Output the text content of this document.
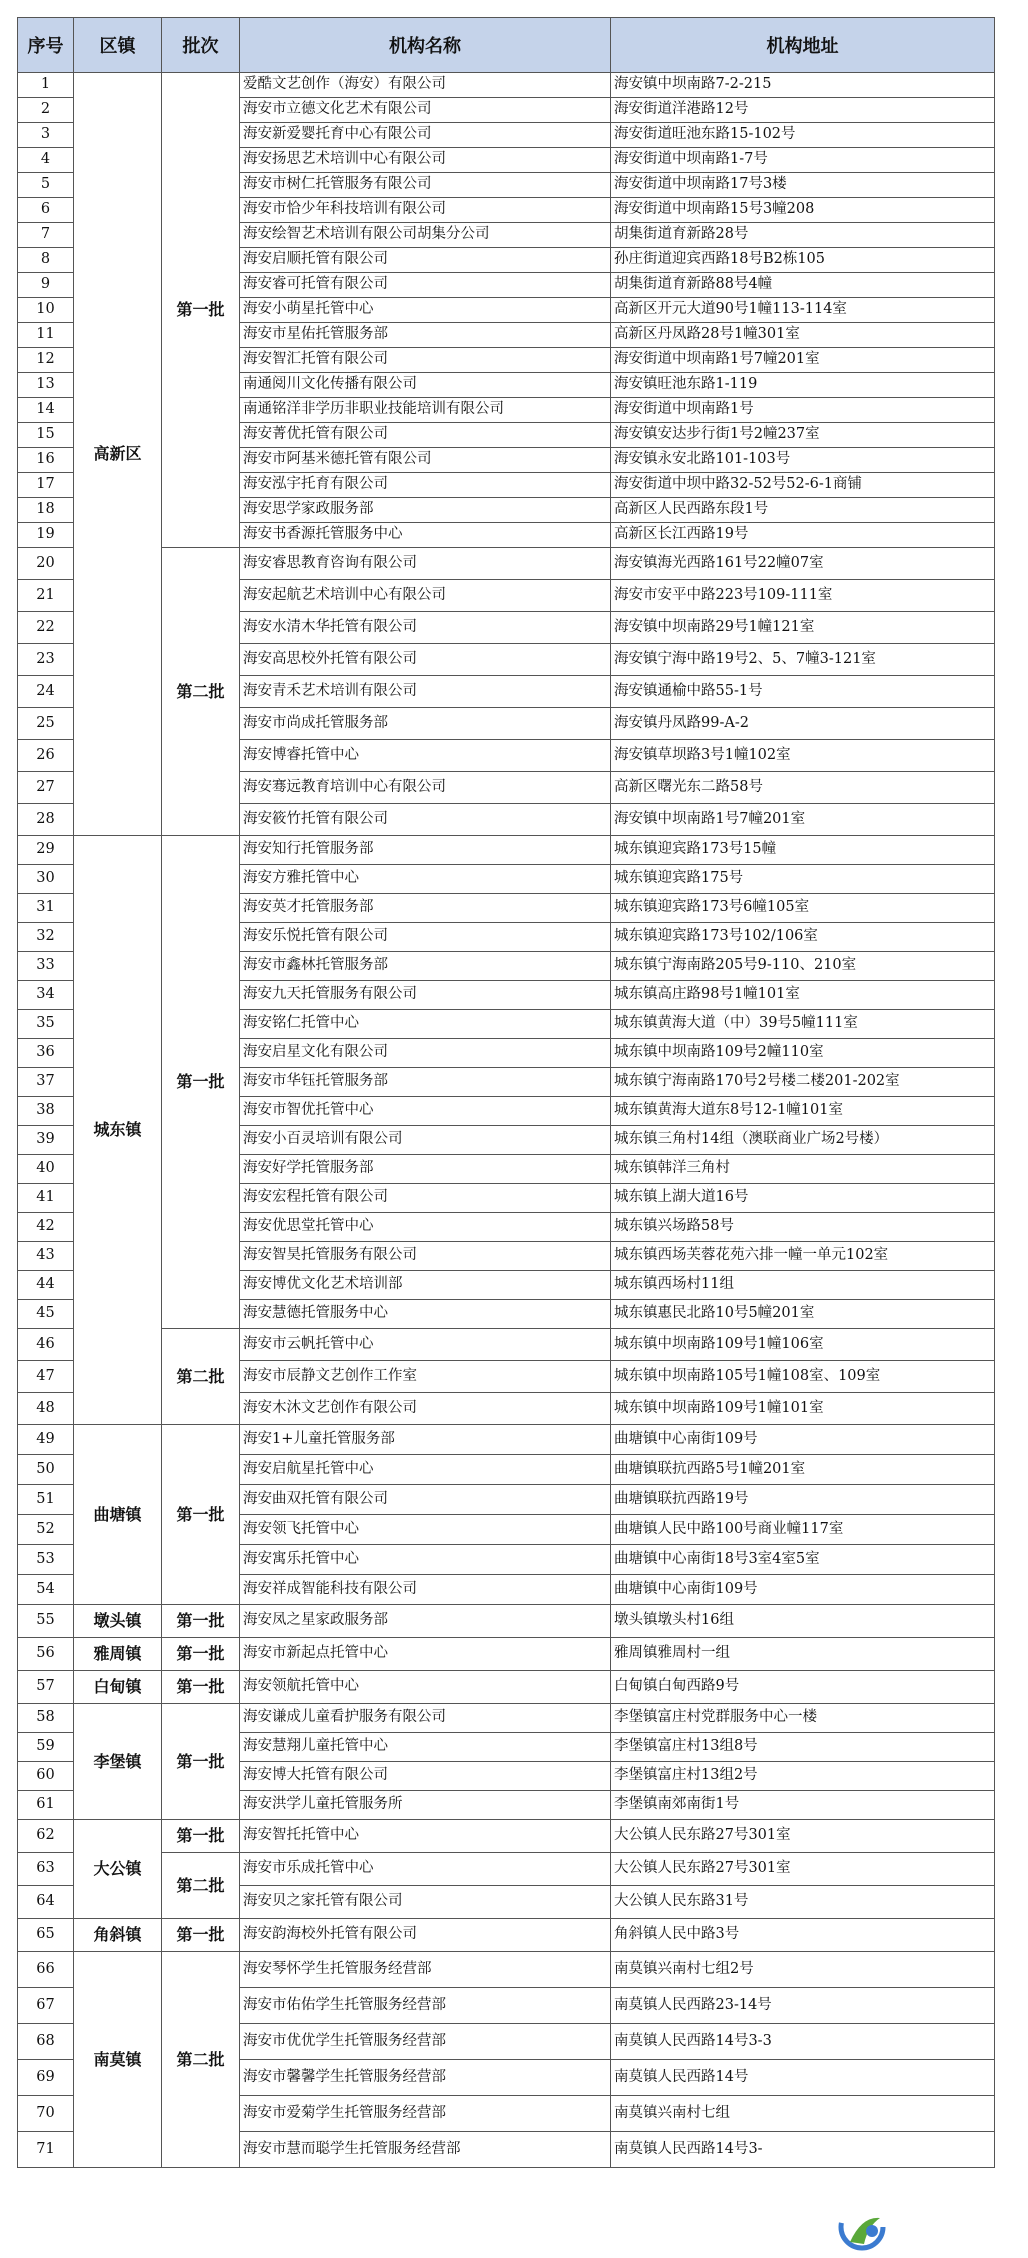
序号	区镇	批次	机构名称	机构地址
1	高新区	第一批	爱酷文艺创作（海安）有限公司	海安镇中坝南路7-2-215
2			海安市立德文化艺术有限公司	海安街道洋港路12号
3			海安新爱婴托育中心有限公司	海安街道旺池东路15-102号
4			海安扬思艺术培训中心有限公司	海安街道中坝南路1-7号
5			海安市树仁托管服务有限公司	海安街道中坝南路17号3楼
6			海安市恰少年科技培训有限公司	海安街道中坝南路15号3幢208
7			海安绘智艺术培训有限公司胡集分公司	胡集街道育新路28号
8			海安启顺托管有限公司	孙庄街道迎宾西路18号B2栋105
9			海安睿可托管有限公司	胡集街道育新路88号4幢
10			海安小萌星托管中心	高新区开元大道90号1幢113-114室
11			海安市星佑托管服务部	高新区丹凤路28号1幢301室
12			海安智汇托管有限公司	海安街道中坝南路1号7幢201室
13			南通阅川文化传播有限公司	海安镇旺池东路1-119
14			南通铭洋非学历非职业技能培训有限公司	海安街道中坝南路1号
15			海安菁优托管有限公司	海安镇安达步行街1号2幢237室
16			海安市阿基米德托管有限公司	海安镇永安北路101-103号
17			海安泓宇托育有限公司	海安街道中坝中路32-52号52-6-1商铺
18			海安思学家政服务部	高新区人民西路东段1号
19			海安书香源托管服务中心	高新区长江西路19号
20		第二批	海安睿思教育咨询有限公司	海安镇海光西路161号22幢07室
21			海安起航艺术培训中心有限公司	海安市安平中路223号109-111室
22			海安水清木华托管有限公司	海安镇中坝南路29号1幢121室
23			海安高思校外托管有限公司	海安镇宁海中路19号2、5、7幢3-121室
24			海安青禾艺术培训有限公司	海安镇通榆中路55-1号
25			海安市尚成托管服务部	海安镇丹凤路99-A-2
26			海安博睿托管中心	海安镇草坝路3号1幢102室
27			海安骞远教育培训中心有限公司	高新区曙光东二路58号
28			海安筱竹托管有限公司	海安镇中坝南路1号7幢201室
29	城东镇	第一批	海安知行托管服务部	城东镇迎宾路173号15幢
30			海安方雅托管中心	城东镇迎宾路175号
31			海安英才托管服务部	城东镇迎宾路173号6幢105室
32			海安乐悦托管有限公司	城东镇迎宾路173号102/106室
33			海安市鑫林托管服务部	城东镇宁海南路205号9-110、210室
34			海安九天托管服务有限公司	城东镇高庄路98号1幢101室
35			海安铭仁托管中心	城东镇黄海大道（中）39号5幢111室
36			海安启星文化有限公司	城东镇中坝南路109号2幢110室
37			海安市华钰托管服务部	城东镇宁海南路170号2号楼二楼201-202室
38			海安市智优托管中心	城东镇黄海大道东8号12-1幢101室
39			海安小百灵培训有限公司	城东镇三角村14组（澳联商业广场2号楼）
40			海安好学托管服务部	城东镇韩洋三角村
41			海安宏程托管有限公司	城东镇上湖大道16号
42			海安优思堂托管中心	城东镇兴场路58号
43			海安智昊托管服务有限公司	城东镇西场芙蓉花苑六排一幢一单元102室
44			海安博优文化艺术培训部	城东镇西场村11组
45			海安慧德托管服务中心	城东镇惠民北路10号5幢201室
46		第二批	海安市云帆托管中心	城东镇中坝南路109号1幢106室
47			海安市辰静文艺创作工作室	城东镇中坝南路105号1幢108室、109室
48			海安木沐文艺创作有限公司	城东镇中坝南路109号1幢101室
49	曲塘镇	第一批	海安1+儿童托管服务部	曲塘镇中心南街109号
50			海安启航星托管中心	曲塘镇联抗西路5号1幢201室
51			海安曲双托管有限公司	曲塘镇联抗西路19号
52			海安领飞托管中心	曲塘镇人民中路100号商业幢117室
53			海安寓乐托管中心	曲塘镇中心南街18号3室4室5室
54			海安祥成智能科技有限公司	曲塘镇中心南街109号
55	墩头镇	第一批	海安凤之星家政服务部	墩头镇墩头村16组
56	雅周镇	第一批	海安市新起点托管中心	雅周镇雅周村一组
57	白甸镇	第一批	海安领航托管中心	白甸镇白甸西路9号
58	李堡镇	第一批	海安谦成儿童看护服务有限公司	李堡镇富庄村党群服务中心一楼
59			海安慧翔儿童托管中心	李堡镇富庄村13组8号
60			海安博大托管有限公司	李堡镇富庄村13组2号
61			海安洪学儿童托管服务所	李堡镇南郊南街1号
62	大公镇	第一批	海安智托托管中心	大公镇人民东路27号301室
63		第二批	海安市乐成托管中心	大公镇人民东路27号301室
64			海安贝之家托管有限公司	大公镇人民东路31号
65	角斜镇	第一批	海安韵海校外托管有限公司	角斜镇人民中路3号
66	南莫镇	第二批	海安琴怀学生托管服务经营部	南莫镇兴南村七组2号
67			海安市佑佑学生托管服务经营部	南莫镇人民西路23-14号
68			海安市优优学生托管服务经营部	南莫镇人民西路14号3-3
69			海安市馨馨学生托管服务经营部	南莫镇人民西路14号
70			海安市爱菊学生托管服务经营部	南莫镇兴南村七组
71			海安市慧而聪学生托管服务经营部	南莫镇人民西路14号3-
